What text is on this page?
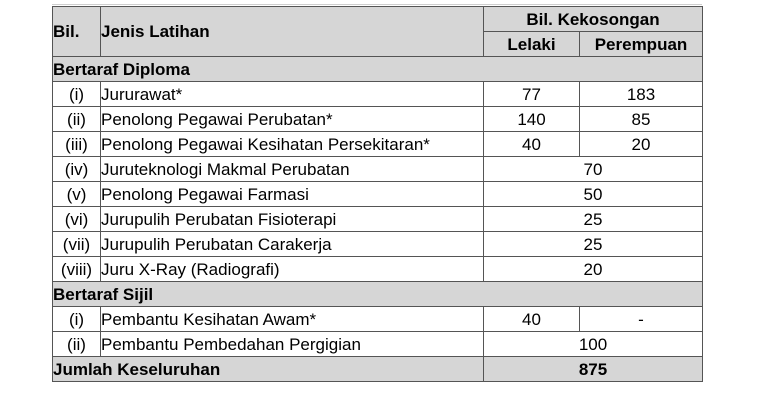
Bil.	Jenis Latihan	Bil. Kekosongan	
		Lelaki	Perempuan
Bertaraf Diploma			
(i)	Jururawat*	77	183
(ii)	Penolong Pegawai Perubatan*	140	85
(iii)	Penolong Pegawai Kesihatan Persekitaran*	40	20
(iv)	Juruteknologi Makmal Perubatan	70	
(v)	Penolong Pegawai Farmasi	50	
(vi)	Jurupulih Perubatan Fisioterapi	25	
(vii)	Jurupulih Perubatan Carakerja	25	
(viii)	Juru X-Ray (Radiografi)	20	
Bertaraf Sijil			
(i)	Pembantu Kesihatan Awam*	40	-
(ii)	Pembantu Pembedahan Pergigian	100	
Jumlah Keseluruhan		875	
